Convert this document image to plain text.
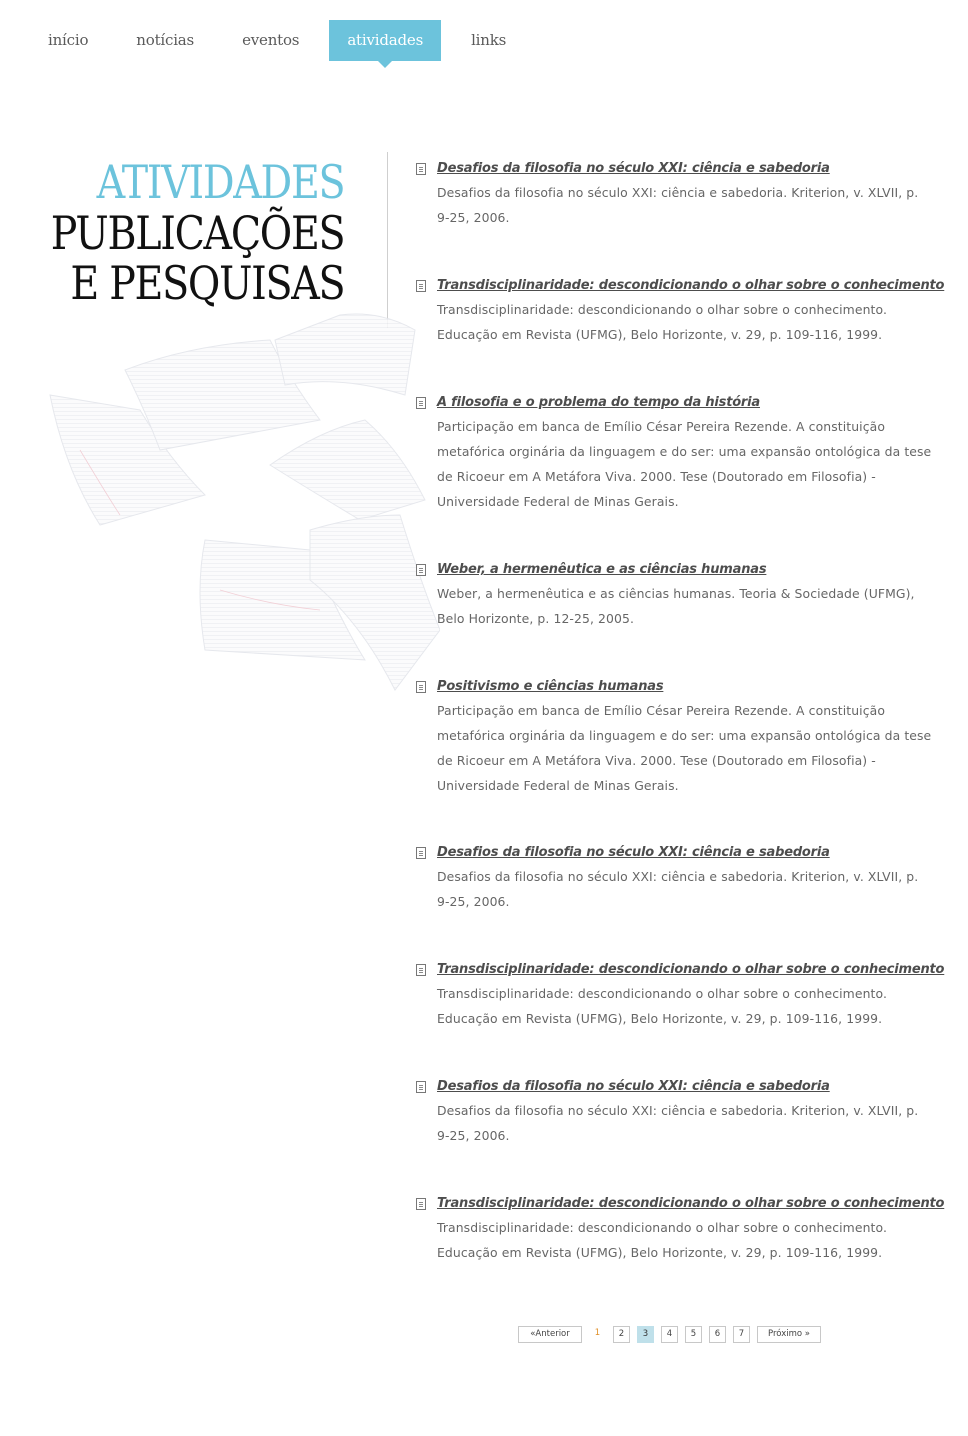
início	notícias	eventos	atividades	links
ATIVIDADES
PUBLICAÇÕES
E PESQUISAS
Desafios da filosofia no século XXI: ciência e sabedoria
Desafios da filosofia no século XXI: ciência e sabedoria. Kriterion, v. XLVII, p. 9-25, 2006.
Transdisciplinaridade: descondicionando o olhar sobre o conhecimento
Transdisciplinaridade: descondicionando o olhar sobre o conhecimento. Educação em Revista (UFMG), Belo Horizonte, v. 29, p. 109-116, 1999.
A filosofia e o problema do tempo da história
Participação em banca de Emílio César Pereira Rezende. A constituição metafórica orginária da linguagem e do ser: uma expansão ontológica da tese de Ricoeur em A Metáfora Viva. 2000. Tese (Doutorado em Filosofia) - Universidade Federal de Minas Gerais.
Weber, a hermenêutica e as ciências humanas
Weber, a hermenêutica e as ciências humanas. Teoria & Sociedade (UFMG), Belo Horizonte, p. 12-25, 2005.
Positivismo e ciências humanas
Participação em banca de Emílio César Pereira Rezende. A constituição metafórica orginária da linguagem e do ser: uma expansão ontológica da tese de Ricoeur em A Metáfora Viva. 2000. Tese (Doutorado em Filosofia) - Universidade Federal de Minas Gerais.
Desafios da filosofia no século XXI: ciência e sabedoria
Desafios da filosofia no século XXI: ciência e sabedoria. Kriterion, v. XLVII, p. 9-25, 2006.
Transdisciplinaridade: descondicionando o olhar sobre o conhecimento
Transdisciplinaridade: descondicionando o olhar sobre o conhecimento. Educação em Revista (UFMG), Belo Horizonte, v. 29, p. 109-116, 1999.
Desafios da filosofia no século XXI: ciência e sabedoria
Desafios da filosofia no século XXI: ciência e sabedoria. Kriterion, v. XLVII, p. 9-25, 2006.
Transdisciplinaridade: descondicionando o olhar sobre o conhecimento
Transdisciplinaridade: descondicionando o olhar sobre o conhecimento. Educação em Revista (UFMG), Belo Horizonte, v. 29, p. 109-116, 1999.
«Anterior	1	2	3	4	5	6	7	Próximo »
